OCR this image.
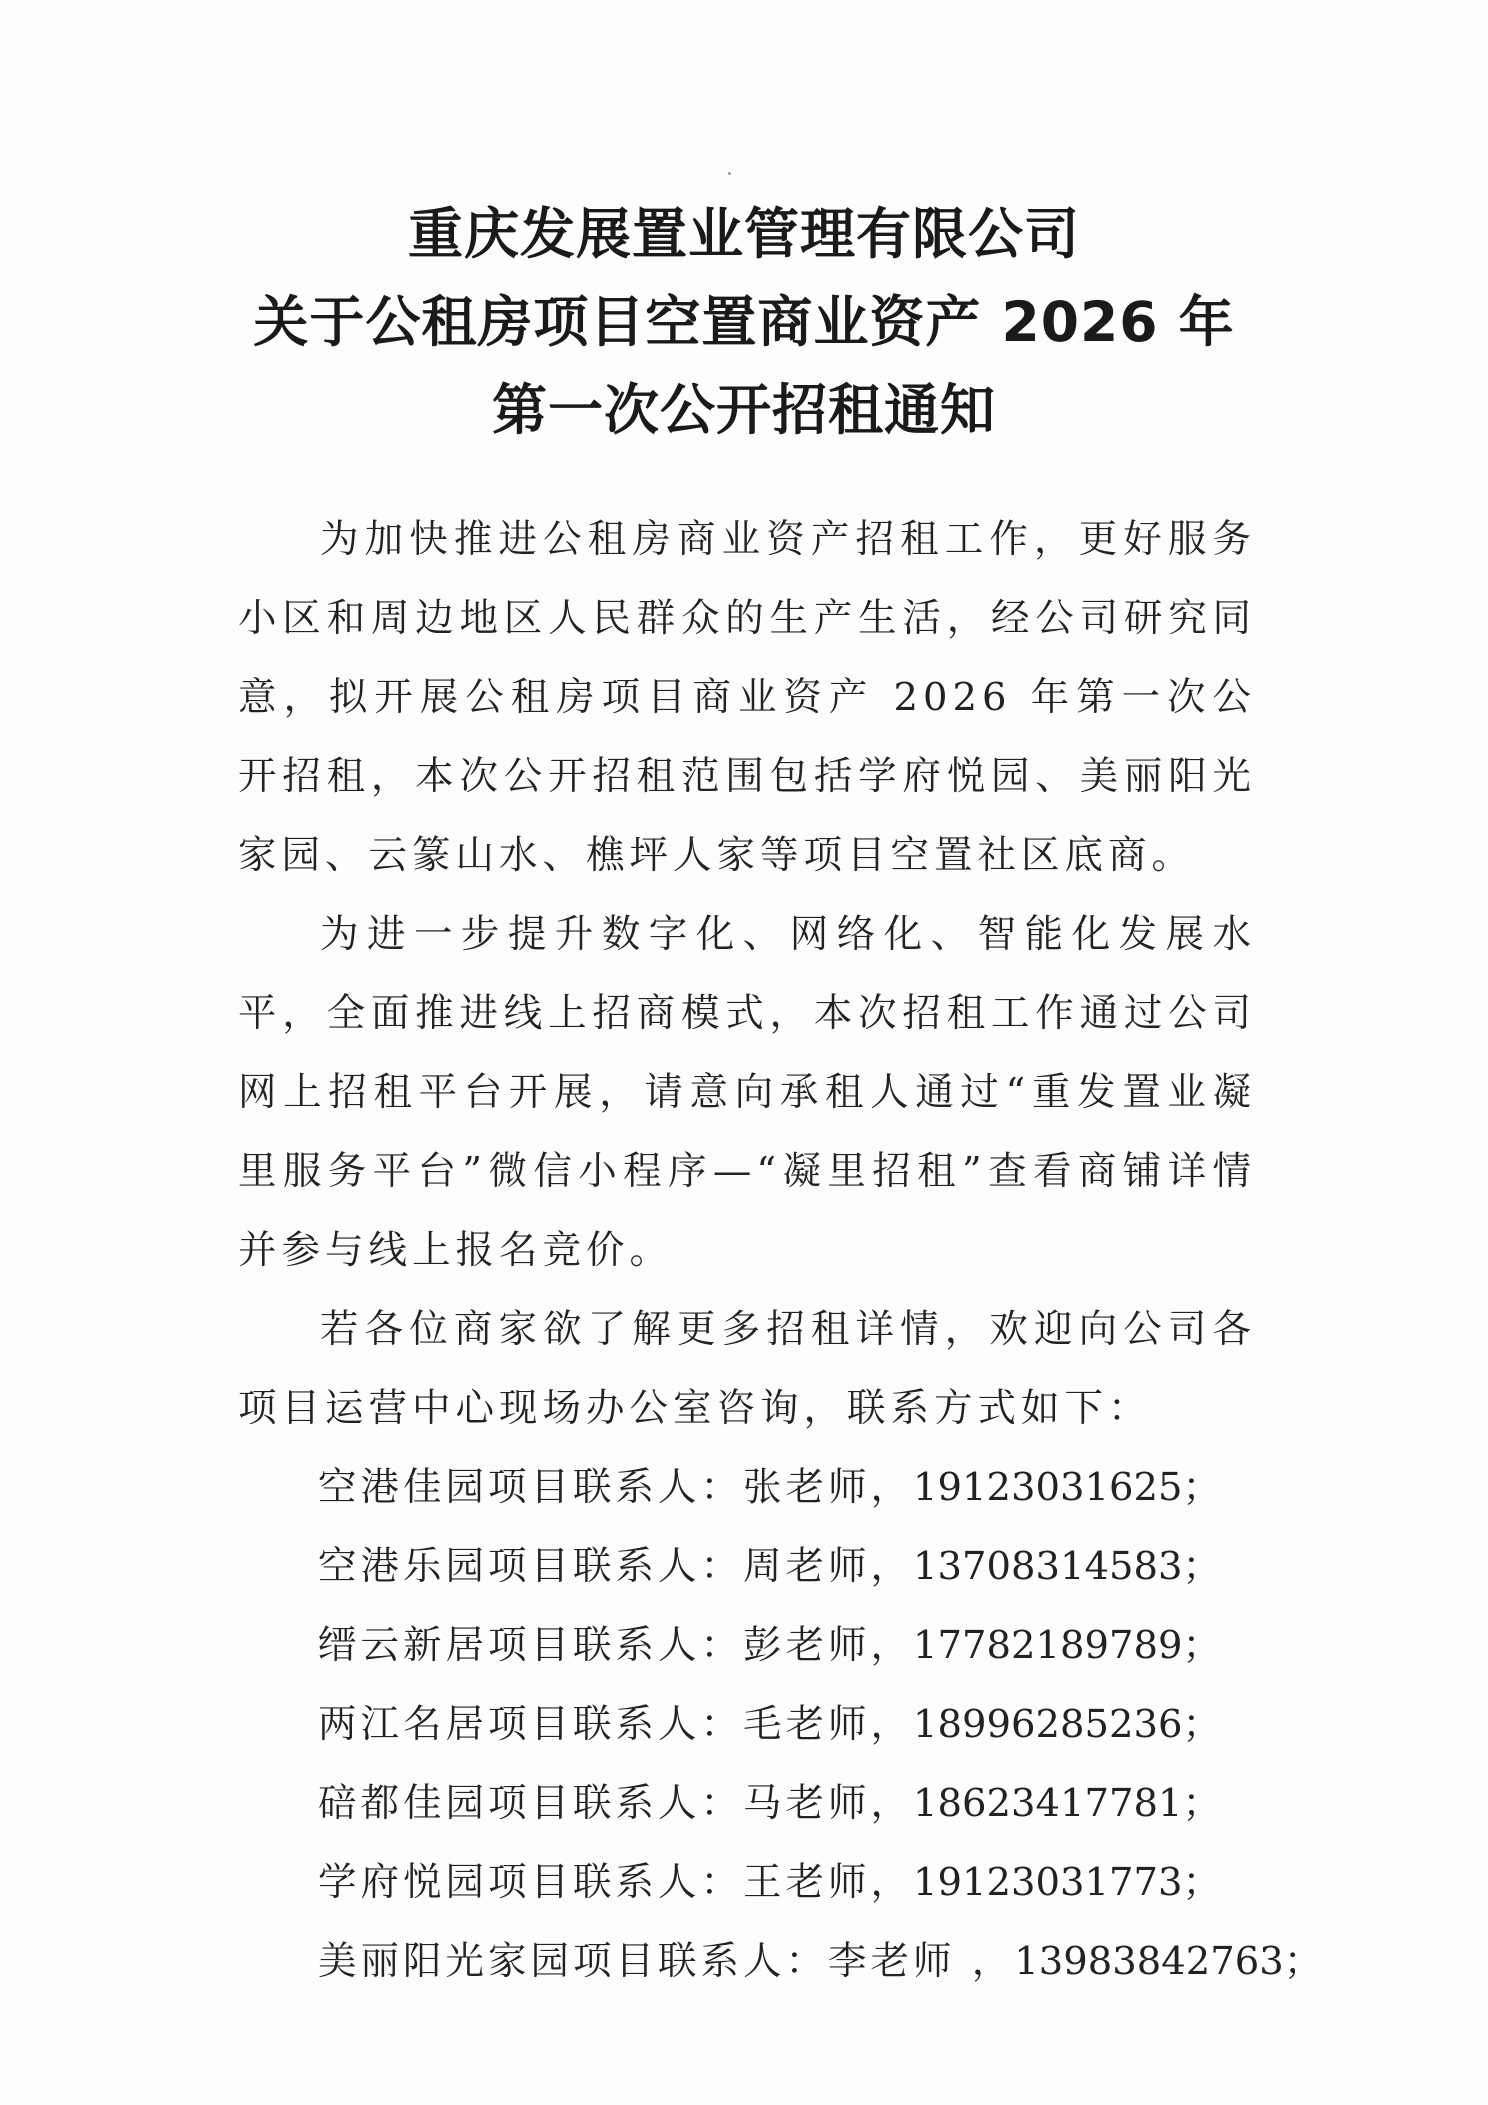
重庆发展置业管理有限公司
关于公租房项目空置商业资产 2026 年
第一次公开招租通知

为加快推进公租房商业资产招租工作，更好服务小区和周边地区人民群众的生产生活，经公司研究同意，拟开展公租房项目商业资产 2026 年第一次公开招租，本次公开招租范围包括学府悦园、美丽阳光家园、云篆山水、樵坪人家等项目空置社区底商。

为进一步提升数字化、网络化、智能化发展水平，全面推进线上招商模式，本次招租工作通过公司网上招租平台开展，请意向承租人通过“重发置业凝里服务平台”微信小程序—“凝里招租”查看商铺详情并参与线上报名竞价。

若各位商家欲了解更多招租详情，欢迎向公司各项目运营中心现场办公室咨询，联系方式如下：

空港佳园项目联系人：张老师，19123031625；
空港乐园项目联系人：周老师，13708314583；
缙云新居项目联系人：彭老师，17782189789；
两江名居项目联系人：毛老师，18996285236；
碚都佳园项目联系人：马老师，18623417781；
学府悦园项目联系人：王老师，19123031773；
美丽阳光家园项目联系人：李老师 ，13983842763；
